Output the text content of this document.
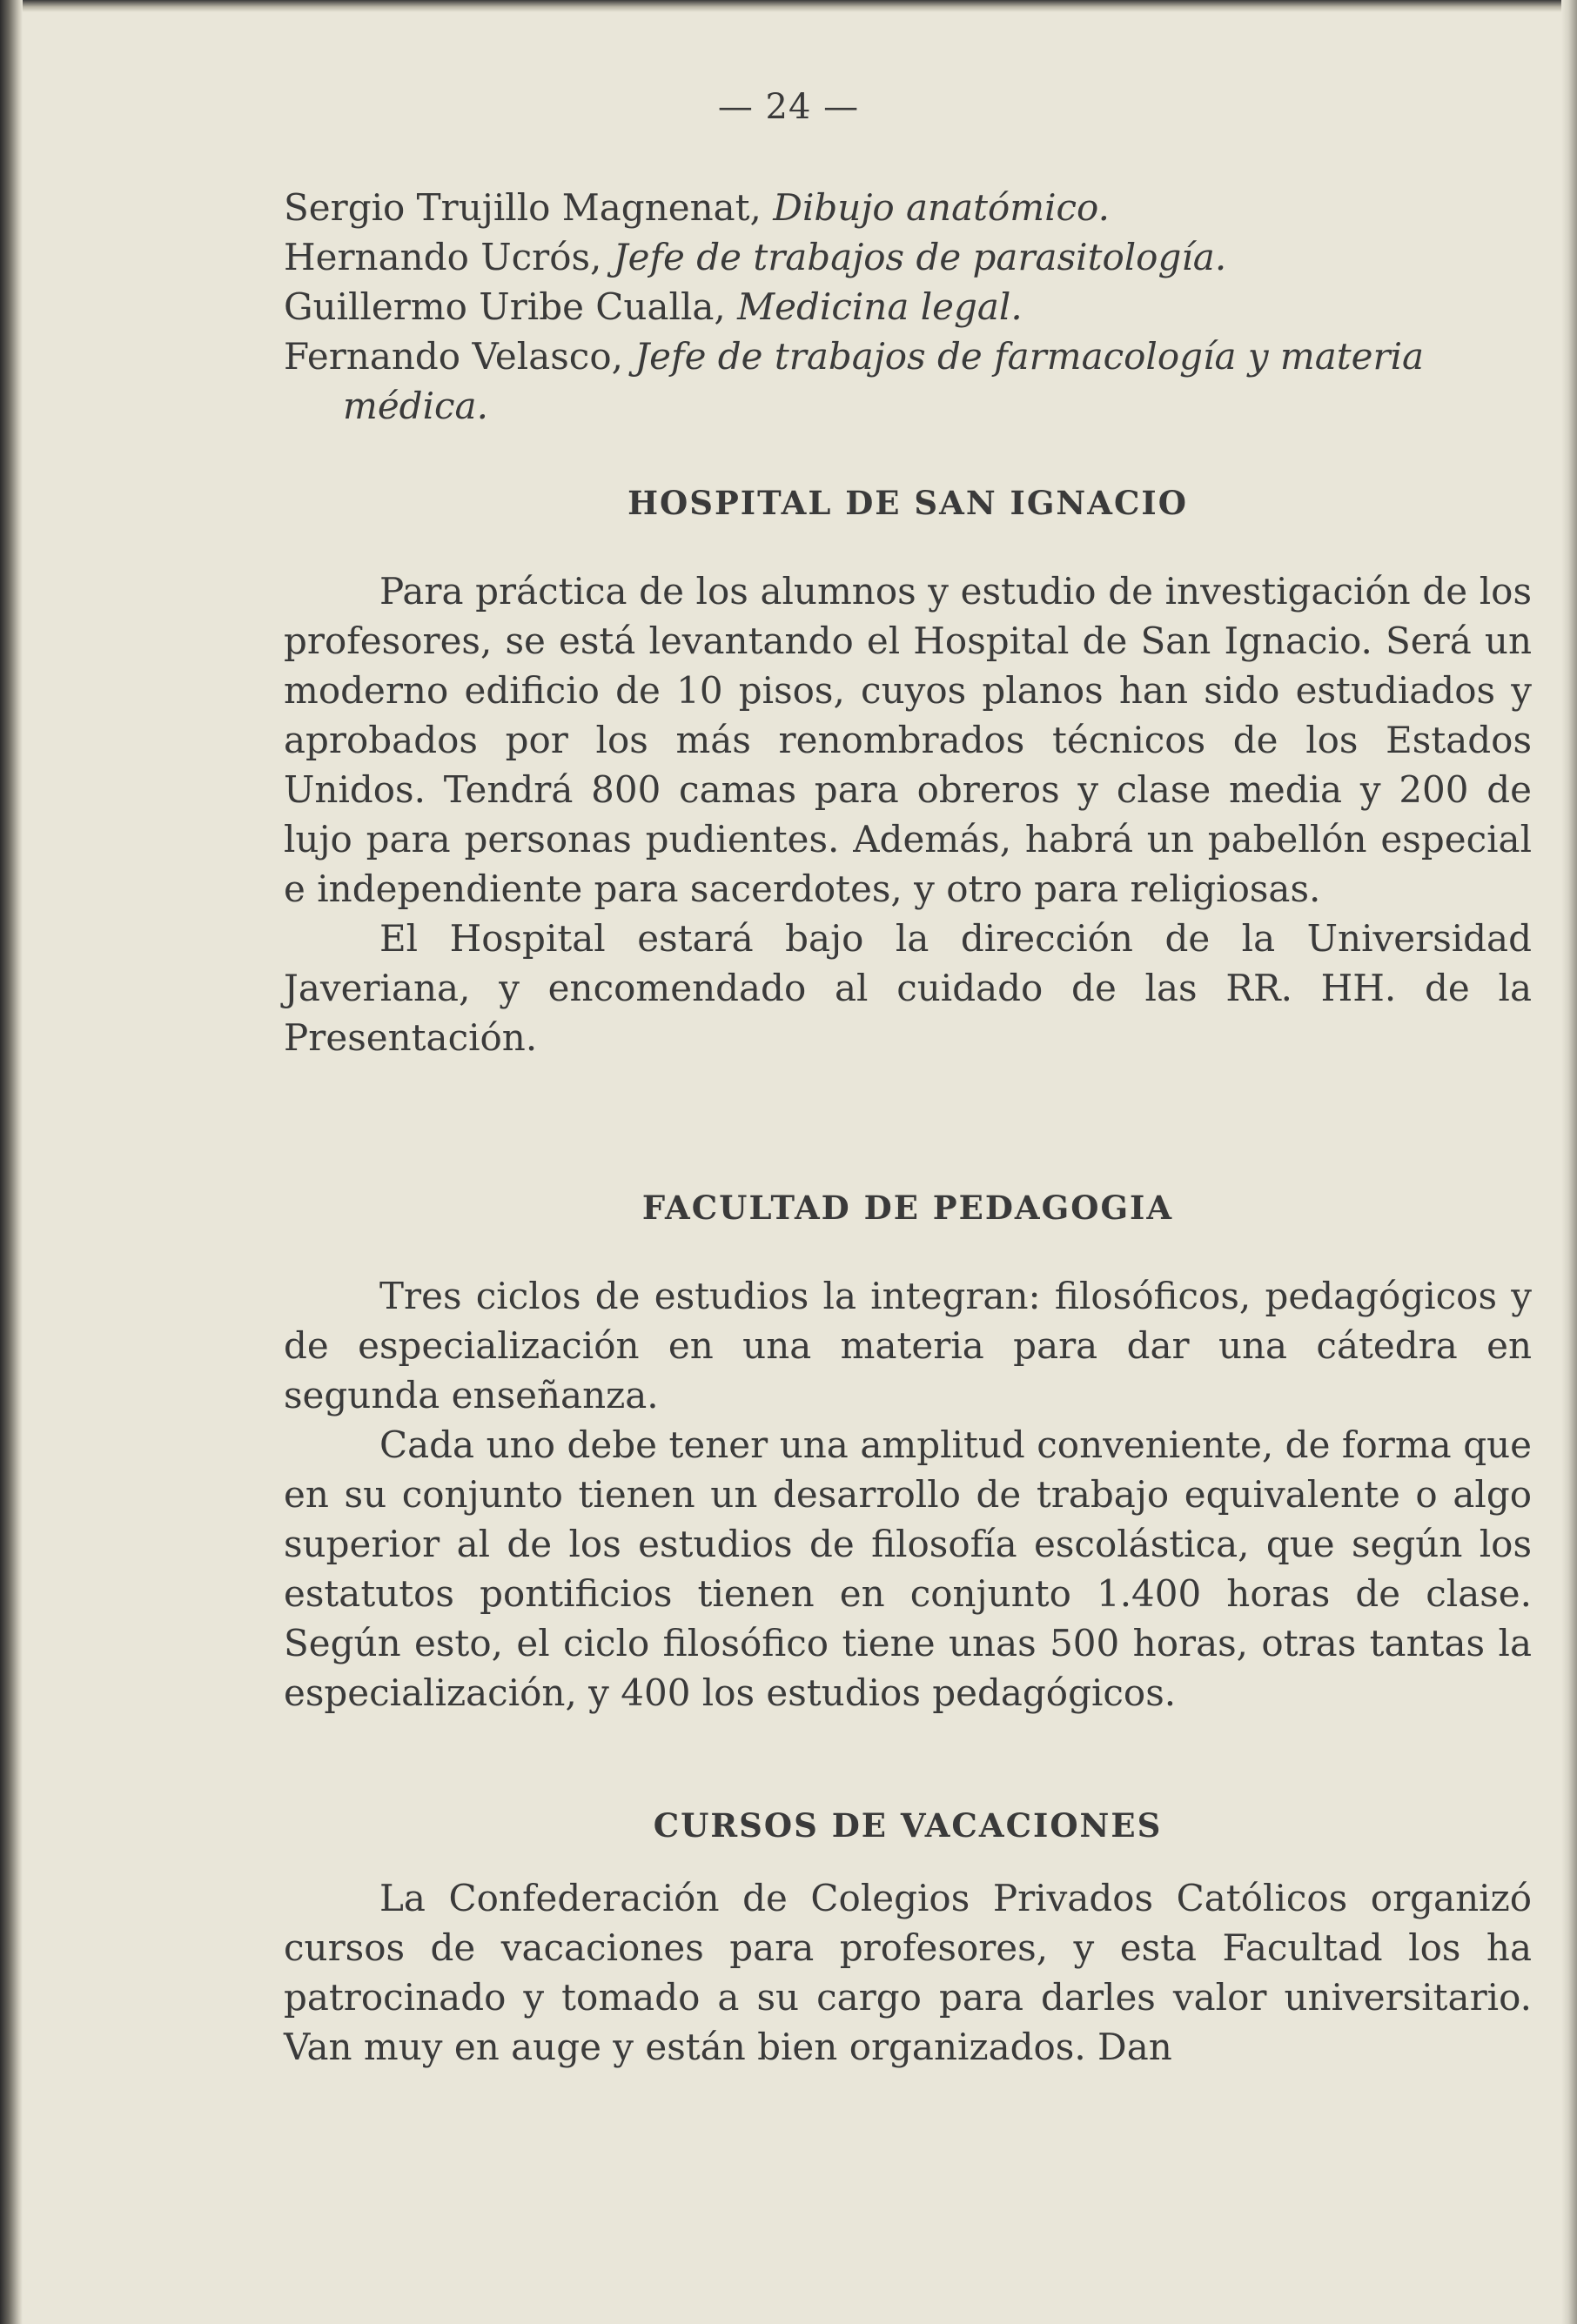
— 24 —
Sergio Trujillo Magnenat, Dibujo anatómico.
Hernando Ucrós, Jefe de trabajos de parasitología.
Guillermo Uribe Cualla, Medicina legal.
Fernando Velasco, Jefe de trabajos de farmacología y materia médica.
HOSPITAL DE SAN IGNACIO

Para práctica de los alumnos y estudio de investigación de los profesores, se está levantando el Hospital de San Ignacio. Será un moderno edificio de 10 pisos, cuyos planos han sido estudiados y aprobados por los más renombrados técnicos de los Estados Unidos. Tendrá 800 camas para obreros y clase media y 200 de lujo para personas pudientes. Además, habrá un pabellón especial e independiente para sacerdotes, y otro para religiosas.

El Hospital estará bajo la dirección de la Universidad Javeriana, y encomendado al cuidado de las RR. HH. de la Presentación.

FACULTAD DE PEDAGOGIA

Tres ciclos de estudios la integran: filosóficos, pedagógicos y de especialización en una materia para dar una cátedra en segunda enseñanza.

Cada uno debe tener una amplitud conveniente, de forma que en su conjunto tienen un desarrollo de trabajo equivalente o algo superior al de los estudios de filosofía escolástica, que según los estatutos pontificios tienen en conjunto 1.400 horas de clase. Según esto, el ciclo filosófico tiene unas 500 horas, otras tantas la especialización, y 400 los estudios pedagógicos.

CURSOS DE VACACIONES

La Confederación de Colegios Privados Católicos organizó cursos de vacaciones para profesores, y esta Facultad los ha patrocinado y tomado a su cargo para darles valor universitario. Van muy en auge y están bien organizados. Dan
